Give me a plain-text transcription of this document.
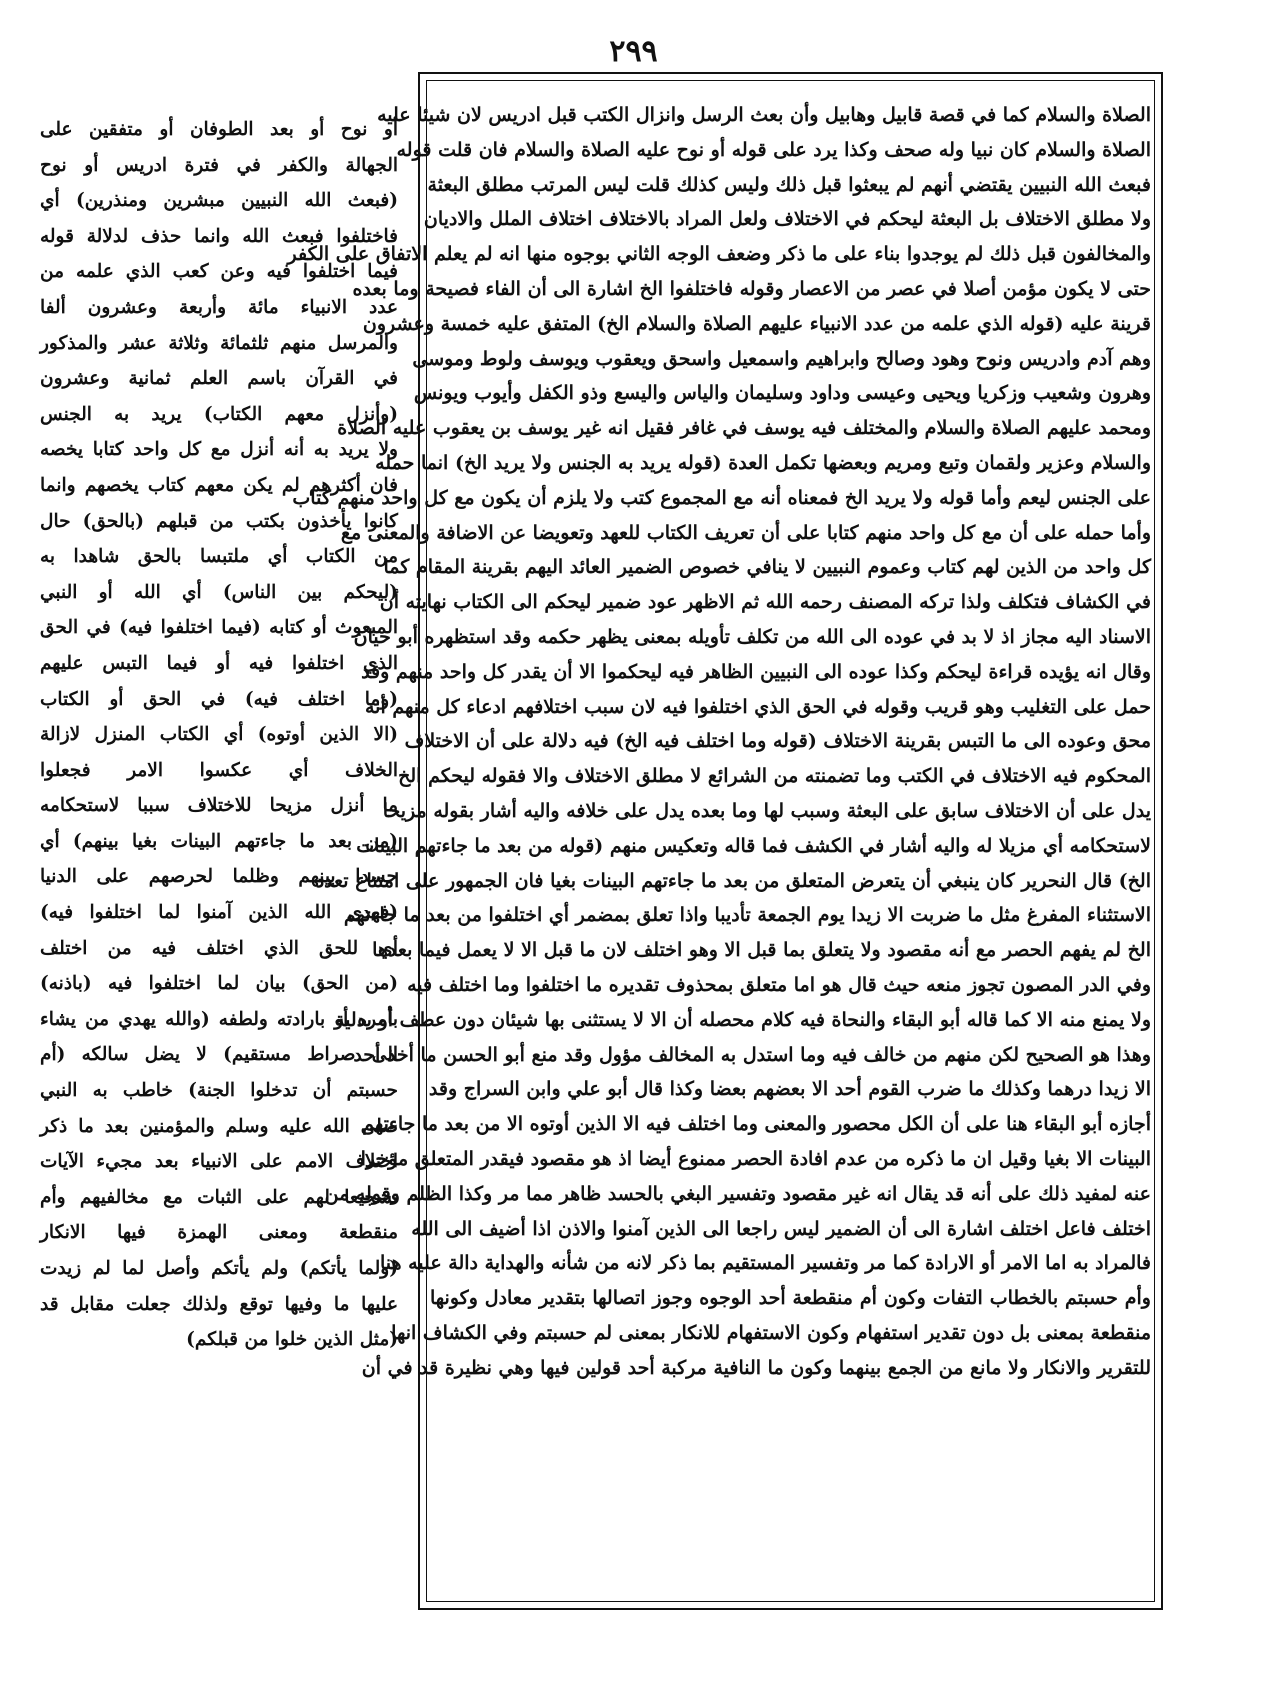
٢٩٩
الصلاة والسلام كما في قصة قابيل وهابيل وأن بعث الرسل وانزال الكتب قبل ادريس لان شيئا عليه
الصلاة والسلام كان نبيا وله صحف وكذا يرد على قوله أو نوح عليه الصلاة والسلام فان قلت قوله
فبعث الله النبيين يقتضي أنهم لم يبعثوا قبل ذلك وليس كذلك قلت ليس المرتب مطلق البعثة
ولا مطلق الاختلاف بل البعثة ليحكم في الاختلاف ولعل المراد بالاختلاف اختلاف الملل والاديان
والمخالفون قبل ذلك لم يوجدوا بناء على ما ذكر وضعف الوجه الثاني بوجوه منها انه لم يعلم الاتفاق على الكفر
حتى لا يكون مؤمن أصلا في عصر من الاعصار وقوله فاختلفوا الخ اشارة الى أن الفاء فصيحة وما بعده
قرينة عليه (قوله الذي علمه من عدد الانبياء عليهم الصلاة والسلام الخ) المتفق عليه خمسة وعشرون
وهم آدم وادريس ونوح وهود وصالح وابراهيم واسمعيل واسحق ويعقوب ويوسف ولوط وموسى
وهرون وشعيب وزكريا ويحيى وعيسى وداود وسليمان والياس واليسع وذو الكفل وأيوب ويونس
ومحمد عليهم الصلاة والسلام والمختلف فيه يوسف في غافر فقيل انه غير يوسف بن يعقوب عليه الصلاة
والسلام وعزير ولقمان وتبع ومريم وبعضها تكمل العدة (قوله يريد به الجنس ولا يريد الخ) انما حمله
على الجنس ليعم وأما قوله ولا يريد الخ فمعناه أنه مع المجموع كتب ولا يلزم أن يكون مع كل واحد منهم كتاب
وأما حمله على أن مع كل واحد منهم كتابا على أن تعريف الكتاب للعهد وتعويضا عن الاضافة والمعنى مع
كل واحد من الذين لهم كتاب وعموم النبيين لا ينافي خصوص الضمير العائد اليهم بقرينة المقام كما
في الكشاف فتكلف ولذا تركه المصنف رحمه الله ثم الاظهر عود ضمير ليحكم الى الكتاب نهايته أن
الاسناد اليه مجاز اذ لا بد في عوده الى الله من تكلف تأويله بمعنى يظهر حكمه وقد استظهره أبو حيان
وقال انه يؤيده قراءة ليحكم وكذا عوده الى النبيين الظاهر فيه ليحكموا الا أن يقدر كل واحد منهم وقد
حمل على التغليب وهو قريب وقوله في الحق الذي اختلفوا فيه لان سبب اختلافهم ادعاء كل منهم أنه
محق وعوده الى ما التبس بقرينة الاختلاف (قوله وما اختلف فيه الخ) فيه دلالة على أن الاختلاف
المحكوم فيه الاختلاف في الكتب وما تضمنته من الشرائع لا مطلق الاختلاف والا فقوله ليحكم الخ
يدل على أن الاختلاف سابق على البعثة وسبب لها وما بعده يدل على خلافه واليه أشار بقوله مزيحا
لاستحكامه أي مزيلا له واليه أشار في الكشف فما قاله وتعكيس منهم (قوله من بعد ما جاءتهم البينات
الخ) قال النحرير كان ينبغي أن يتعرض المتعلق من بعد ما جاءتهم البينات بغيا فان الجمهور على امتناع تعدد
الاستثناء المفرغ مثل ما ضربت الا زيدا يوم الجمعة تأديبا واذا تعلق بمضمر أي اختلفوا من بعد ما جاءتهم
الخ لم يفهم الحصر مع أنه مقصود ولا يتعلق بما قبل الا وهو اختلف لان ما قبل الا لا يعمل فيما بعدها
وفي الدر المصون تجوز منعه حيث قال هو اما متعلق بمحذوف تقديره ما اختلفوا وما اختلف فيه
ولا يمنع منه الا كما قاله أبو البقاء والنحاة فيه كلام محصله أن الا لا يستثنى بها شيئان دون عطف أو بدلية
وهذا هو الصحيح لكن منهم من خالف فيه وما استدل به المخالف مؤول وقد منع أبو الحسن ما أخذ أحد
الا زيدا درهما وكذلك ما ضرب القوم أحد الا بعضهم بعضا وكذا قال أبو علي وابن السراج وقد
أجازه أبو البقاء هنا على أن الكل محصور والمعنى وما اختلف فيه الا الذين أوتوه الا من بعد ما جاءتهم
البينات الا بغيا وقيل ان ما ذكره من عدم افادة الحصر ممنوع أيضا اذ هو مقصود فيقدر المتعلق مؤخرا
عنه لمفيد ذلك على أنه قد يقال انه غير مقصود وتفسير البغي بالحسد ظاهر مما مر وكذا الظلم وقوله من
اختلف فاعل اختلف اشارة الى أن الضمير ليس راجعا الى الذين آمنوا والاذن اذا أضيف الى الله
فالمراد به اما الامر أو الارادة كما مر وتفسير المستقيم بما ذكر لانه من شأنه والهداية دالة عليه هنا
وأم حسبتم بالخطاب التفات وكون أم منقطعة أحد الوجوه وجوز اتصالها بتقدير معادل وكونها
منقطعة بمعنى بل دون تقدير استفهام وكون الاستفهام للانكار بمعنى لم حسبتم وفي الكشاف انها
للتقرير والانكار ولا مانع من الجمع بينهما وكون ما النافية مركبة أحد قولين فيها وهي نظيرة قد في أن
أو نوح أو بعد الطوفان أو متفقين على
الجهالة والكفر في فترة ادريس أو نوح
(فبعث الله النبيين مبشرين ومنذرين) أي
فاختلفوا فبعث الله وانما حذف لدلالة قوله
فيما اختلفوا فيه وعن كعب الذي علمه من
عدد الانبياء مائة وأربعة وعشرون ألفا
والمرسل منهم ثلثمائة وثلاثة عشر والمذكور
في القرآن باسم العلم ثمانية وعشرون
(وأنزل معهم الكتاب) يريد به الجنس
ولا يريد به أنه أنزل مع كل واحد كتابا يخصه
فان أكثرهم لم يكن معهم كتاب يخصهم وانما
كانوا يأخذون بكتب من قبلهم (بالحق) حال
من الكتاب أي ملتبسا بالحق شاهدا به
(ليحكم بين الناس) أي الله أو النبي
المبعوث أو كتابه (فيما اختلفوا فيه) في الحق
الذي اختلفوا فيه أو فيما التبس عليهم
(وما اختلف فيه) في الحق أو الكتاب
(الا الذين أوتوه) أي الكتاب المنزل لازالة
الخلاف أي عكسوا الامر فجعلوا
ما أنزل مزيحا للاختلاف سببا لاستحكامه
(من بعد ما جاءتهم البينات بغيا بينهم) أي
حسدا بينهم وظلما لحرصهم على الدنيا
(فهدى الله الذين آمنوا لما اختلفوا فيه)
أي للحق الذي اختلف فيه من اختلف
(من الحق) بيان لما اختلفوا فيه (باذنه)
بأمره أو بارادته ولطفه (والله يهدي من يشاء
الى صراط مستقيم) لا يضل سالكه (أم
حسبتم أن تدخلوا الجنة) خاطب به النبي
صلى الله عليه وسلم والمؤمنين بعد ما ذكر
اختلاف الامم على الانبياء بعد مجيء الآيات
تشجيعا لهم على الثبات مع مخالفيهم وأم
منقطعة ومعنى الهمزة فيها الانكار
(ولما يأتكم) ولم يأتكم وأصل لما لم زيدت
عليها ما وفيها توقع ولذلك جعلت مقابل قد
(مثل الذين خلوا من قبلكم)
